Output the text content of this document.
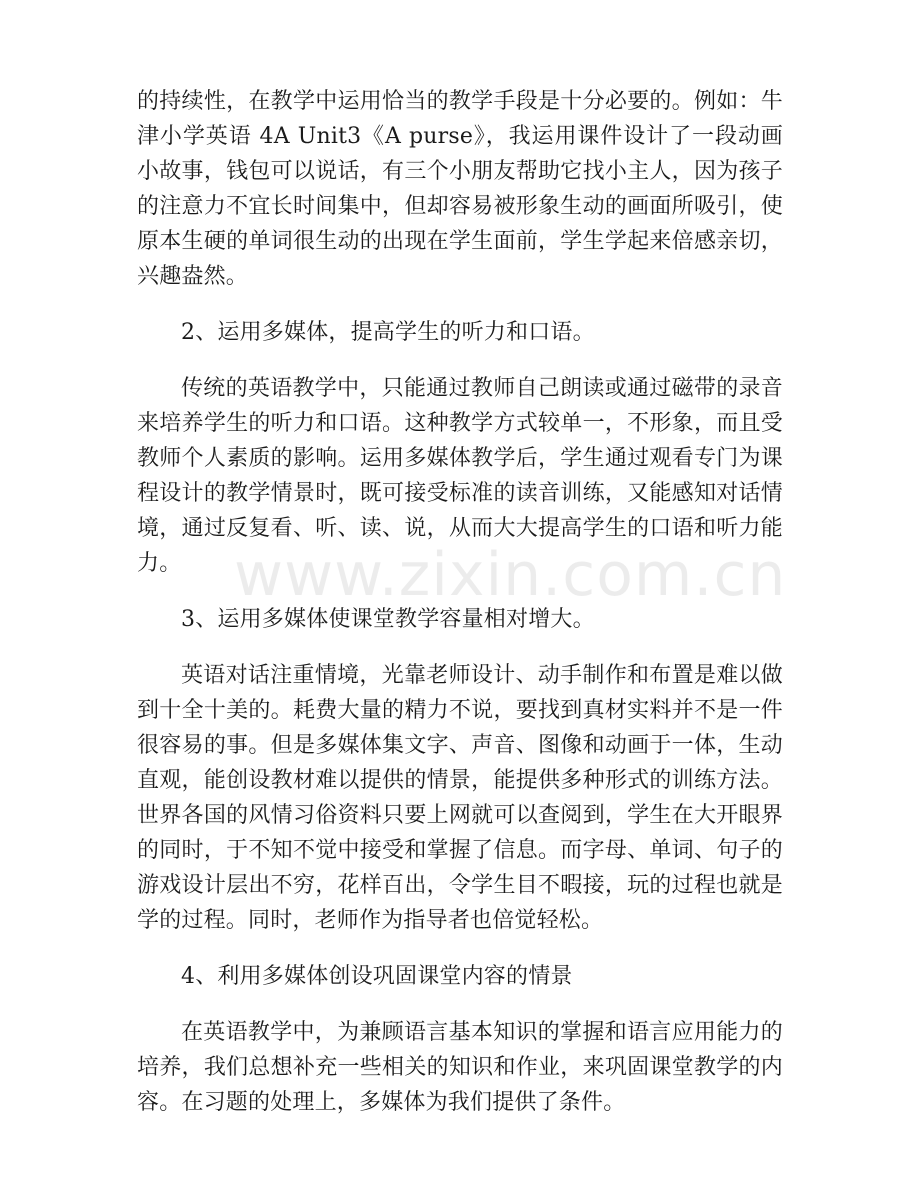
www.zixin.com.cn

的持续性，在教学中运用恰当的教学手段是十分必要的。例如：牛津小学英语 4A Unit3《A purse》，我运用课件设计了一段动画小故事，钱包可以说话，有三个小朋友帮助它找小主人，因为孩子的注意力不宜长时间集中，但却容易被形象生动的画面所吸引，使原本生硬的单词很生动的出现在学生面前，学生学起来倍感亲切，兴趣盎然。

2、运用多媒体，提高学生的听力和口语。

传统的英语教学中，只能通过教师自己朗读或通过磁带的录音来培养学生的听力和口语。这种教学方式较单一，不形象，而且受教师个人素质的影响。运用多媒体教学后，学生通过观看专门为课程设计的教学情景时，既可接受标准的读音训练，又能感知对话情境，通过反复看、听、读、说，从而大大提高学生的口语和听力能力。

3、运用多媒体使课堂教学容量相对增大。

英语对话注重情境，光靠老师设计、动手制作和布置是难以做到十全十美的。耗费大量的精力不说，要找到真材实料并不是一件很容易的事。但是多媒体集文字、声音、图像和动画于一体，生动直观，能创设教材难以提供的情景，能提供多种形式的训练方法。世界各国的风情习俗资料只要上网就可以查阅到，学生在大开眼界的同时，于不知不觉中接受和掌握了信息。而字母、单词、句子的游戏设计层出不穷，花样百出，令学生目不暇接，玩的过程也就是学的过程。同时，老师作为指导者也倍觉轻松。

4、利用多媒体创设巩固课堂内容的情景

在英语教学中，为兼顾语言基本知识的掌握和语言应用能力的培养，我们总想补充一些相关的知识和作业，来巩固课堂教学的内容。在习题的处理上，多媒体为我们提供了条件。
